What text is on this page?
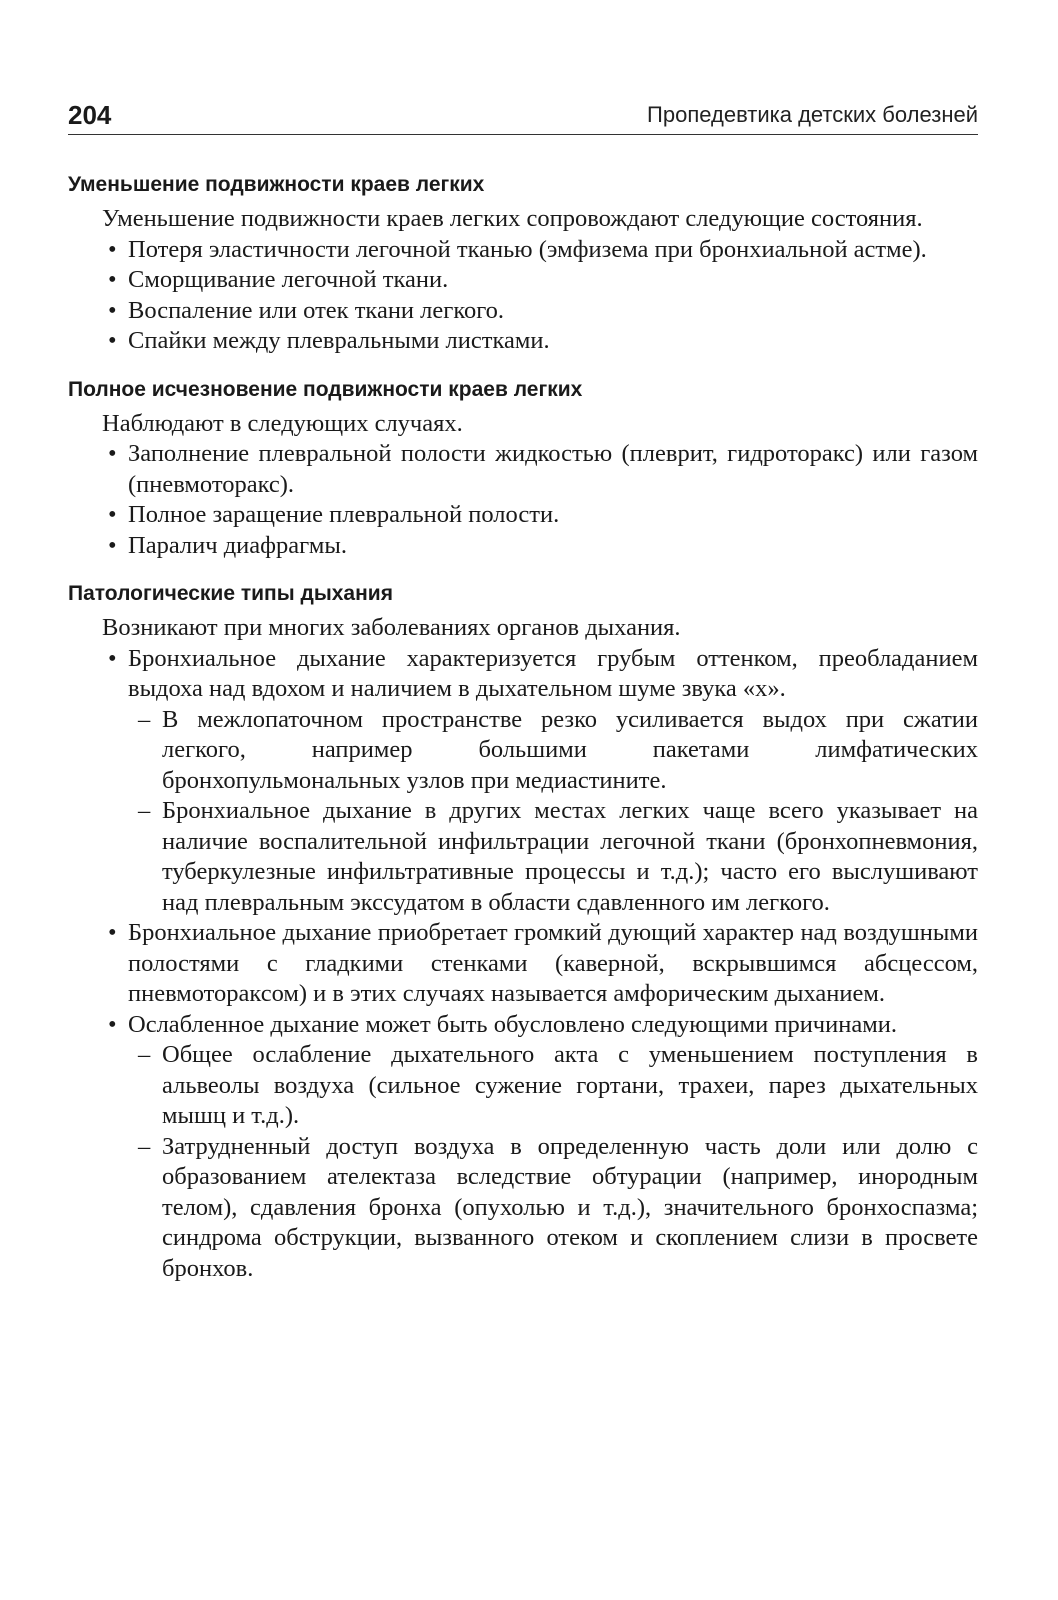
204	Пропедевтика детских болезней
Уменьшение подвижности краев легких

Уменьшение подвижности краев легких сопровождают следующие состояния.

• Потеря эластичности легочной тканью (эмфизема при бронхиальной астме).
• Сморщивание легочной ткани.
• Воспаление или отек ткани легкого.
• Спайки между плевральными листками.
Полное исчезновение подвижности краев легких

Наблюдают в следующих случаях.

• Заполнение плевральной полости жидкостью (плеврит, гидроторакс) или газом (пневмоторакс).
• Полное заращение плевральной полости.
• Паралич диафрагмы.
Патологические типы дыхания

Возникают при многих заболеваниях органов дыхания.

• Бронхиальное дыхание характеризуется грубым оттенком, преобладанием выдоха над вдохом и наличием в дыхательном шуме звука «х».
– В межлопаточном пространстве резко усиливается выдох при сжатии легкого, например большими пакетами лимфатических бронхопульмональных узлов при медиастините.
– Бронхиальное дыхание в других местах легких чаще всего указывает на наличие воспалительной инфильтрации легочной ткани (бронхопневмония, туберкулезные инфильтративные процессы и т.д.); часто его выслушивают над плевральным экссудатом в области сдавленного им легкого.
• Бронхиальное дыхание приобретает громкий дующий характер над воздушными полостями с гладкими стенками (каверной, вскрывшимся абсцессом, пневмотораксом) и в этих случаях называется амфорическим дыханием.
• Ослабленное дыхание может быть обусловлено следующими причинами.
– Общее ослабление дыхательного акта с уменьшением поступления в альвеолы воздуха (сильное сужение гортани, трахеи, парез дыхательных мышц и т.д.).
– Затрудненный доступ воздуха в определенную часть доли или долю с образованием ателектаза вследствие обтурации (например, инородным телом), сдавления бронха (опухолью и т.д.), значительного бронхоспазма; синдрома обструкции, вызванного отеком и скоплением слизи в просвете бронхов.
